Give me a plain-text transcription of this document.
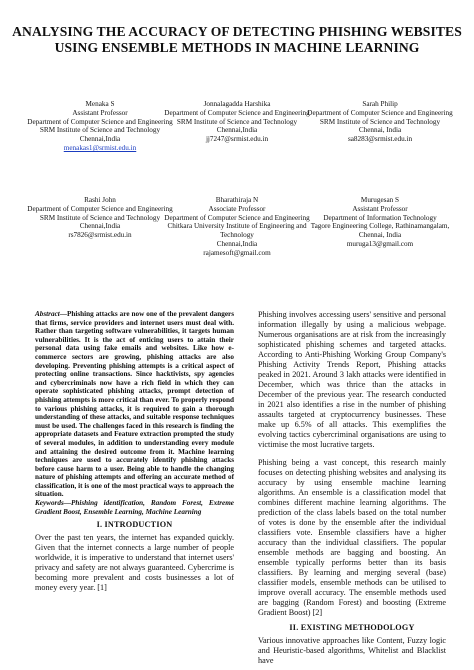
ANALYSING THE ACCURACY OF DETECTING PHISHING WEBSITES USING ENSEMBLE METHODS IN MACHINE LEARNING
Menaka S
Assistant Professor
Department of Computer Science and Engineering
SRM Institute of Science and Technology
Chennai,India
menakas1@srmist.edu.in
Jonnalagadda Harshika
Department of Computer Science and Engineering
SRM Institute of Science and Technology
Chennai,India
jj7247@srmist.edu.in
Sarah Philip
Department of Computer Science and Engineering
SRM Institute of Science and Technology
Chennai, India
sa8283@srmist.edu.in
Rashi John
Department of Computer Science and Engineering
SRM Institute of Science and Technology
Chennai,India
rs7826@srmist.edu.in
Bharathiraja N
Associate Professor
Department of Computer Science and Engineering
Chitkara University Institute of Engineering and Technology
Chennai,India
rajamesoft@gmail.com
Murugesan S
Assistant Professor
Department of Information Technology
Tagore Engineering College, Rathinamangalam,
Chennai, India
muruga13@gmail.com

Abstract—Phishing attacks are now one of the prevalent dangers that firms, service providers and internet users must deal with. Rather than targeting software vulnerabilities, it targets human vulnerabilities. It is the act of enticing users to attain their personal data using fake emails and websites. Like how e-commerce sectors are growing, phishing attacks are also developing. Preventing phishing attempts is a critical aspect of protecting online transactions. Since hacktivists, spy agencies and cybercriminals now have a rich field in which they can operate sophisticated phishing attacks, prompt detection of phishing attempts is more critical than ever. To properly respond to various phishing attacks, it is required to gain a thorough understanding of these attacks, and suitable response techniques must be used. The challenges faced in this research is finding the appropriate datasets and Feature extraction prompted the study of several modules, in addition to understanding every module and attaining the desired outcome from it. Machine learning techniques are used to accurately identify phishing attacks before cause harm to a user. Being able to handle the changing nature of phishing attempts and offering an accurate method of classification, it is one of the most practical ways to approach the situation.

Keywords—Phishing identification, Random Forest, Extreme Gradient Boost, Ensemble Learning, Machine Learning

I. INTRODUCTION

Over the past ten years, the internet has expanded quickly. Given that the internet connects a large number of people worldwide, it is imperative to understand that internet users' privacy and safety are not always guaranteed. Cybercrime is becoming more prevalent and costs businesses a lot of money every year. [1]

Phishing involves accessing users' sensitive and personal information illegally by using a malicious webpage. Numerous organisations are at risk from the increasingly sophisticated phishing schemes and targeted attacks. According to Anti-Phishing Working Group Company's Phishing Activity Trends Report, Phishing attacks peaked in 2021. Around 3 lakh attacks were identified in December, which was thrice than the attacks in December of the previous year. The research conducted in 2021 also identifies a rise in the number of phishing assaults targeted at cryptocurrency businesses. These make up 6.5% of all attacks. This exemplifies the evolving tactics cybercriminal organisations are using to victimise the most lucrative targets.

Phishing being a vast concept, this research mainly focuses on detecting phishing websites and analysing its accuracy by using ensemble machine learning algorithms. An ensemble is a classification model that combines different machine learning algorithms. The prediction of the class labels based on the total number of votes is done by the ensemble after the individual classifiers vote. Ensemble classifiers have a higher accuracy than the individual classifiers. The popular ensemble methods are bagging and boosting. An ensemble typically performs better than its basis classifiers. By learning and merging several (base) classifier models, ensemble methods can be utilised to improve overall accuracy. The ensemble methods used are bagging (Random Forest) and boosting (Extreme Gradient Boost) [2]

II. EXISTING METHODOLOGY

Various innovative approaches like Content, Fuzzy logic and Heuristic-based algorithms, Whitelist and Blacklist have
